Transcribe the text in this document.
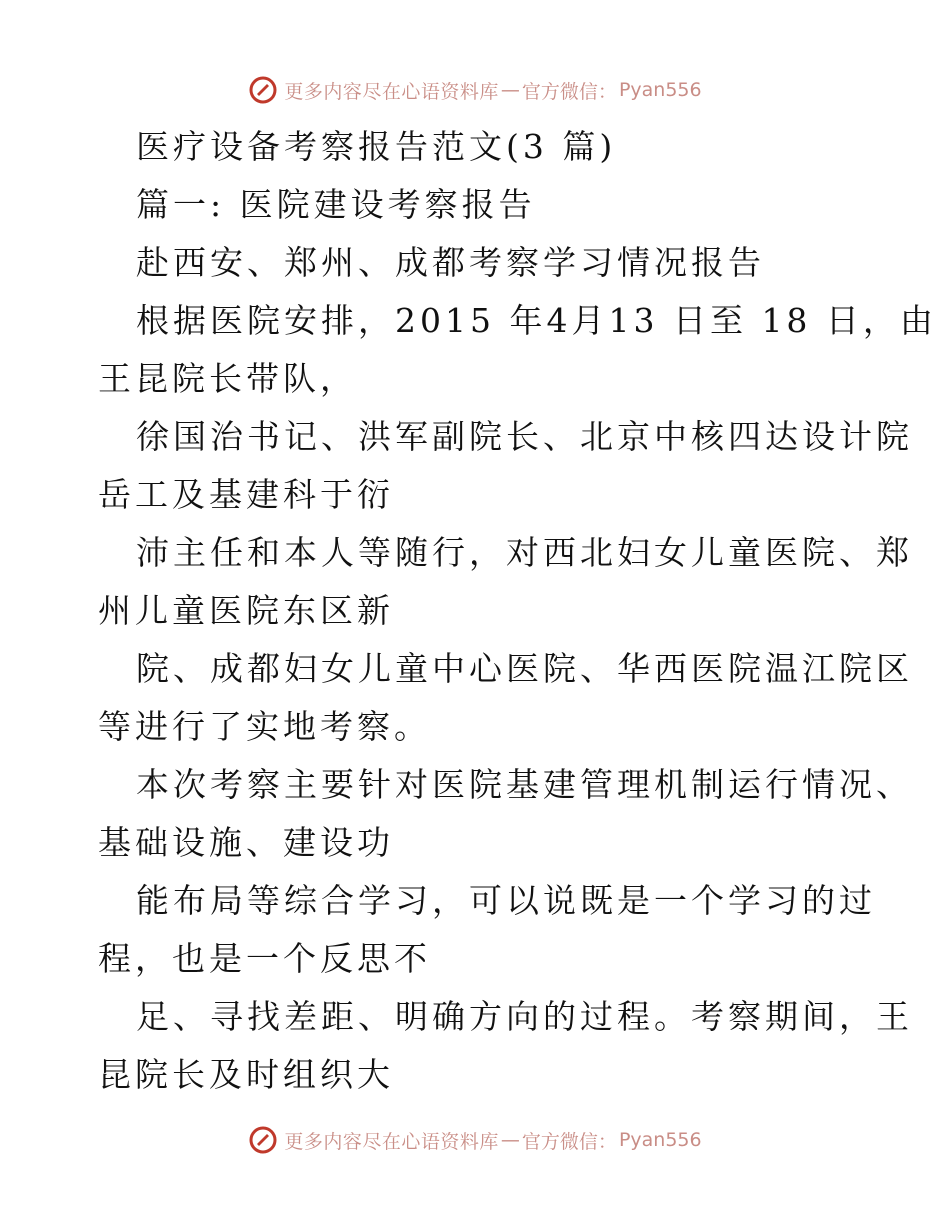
更多内容尽在心语资料库 — 官方微信： Pyan556
医疗设备考察报告范文(3 篇)
篇一: 医院建设考察报告
赴西安、郑州、成都考察学习情况报告
根据医院安排，2015 年4月13 日至 18 日，由
王昆院长带队，
徐国治书记、洪军副院长、北京中核四达设计院
岳工及基建科于衍
沛主任和本人等随行，对西北妇女儿童医院、郑
州儿童医院东区新
院、成都妇女儿童中心医院、华西医院温江院区
等进行了实地考察。
本次考察主要针对医院基建管理机制运行情况、
基础设施、建设功
能布局等综合学习，可以说既是一个学习的过
程，也是一个反思不
足、寻找差距、明确方向的过程。考察期间，王
昆院长及时组织大
更多内容尽在心语资料库 — 官方微信： Pyan556
